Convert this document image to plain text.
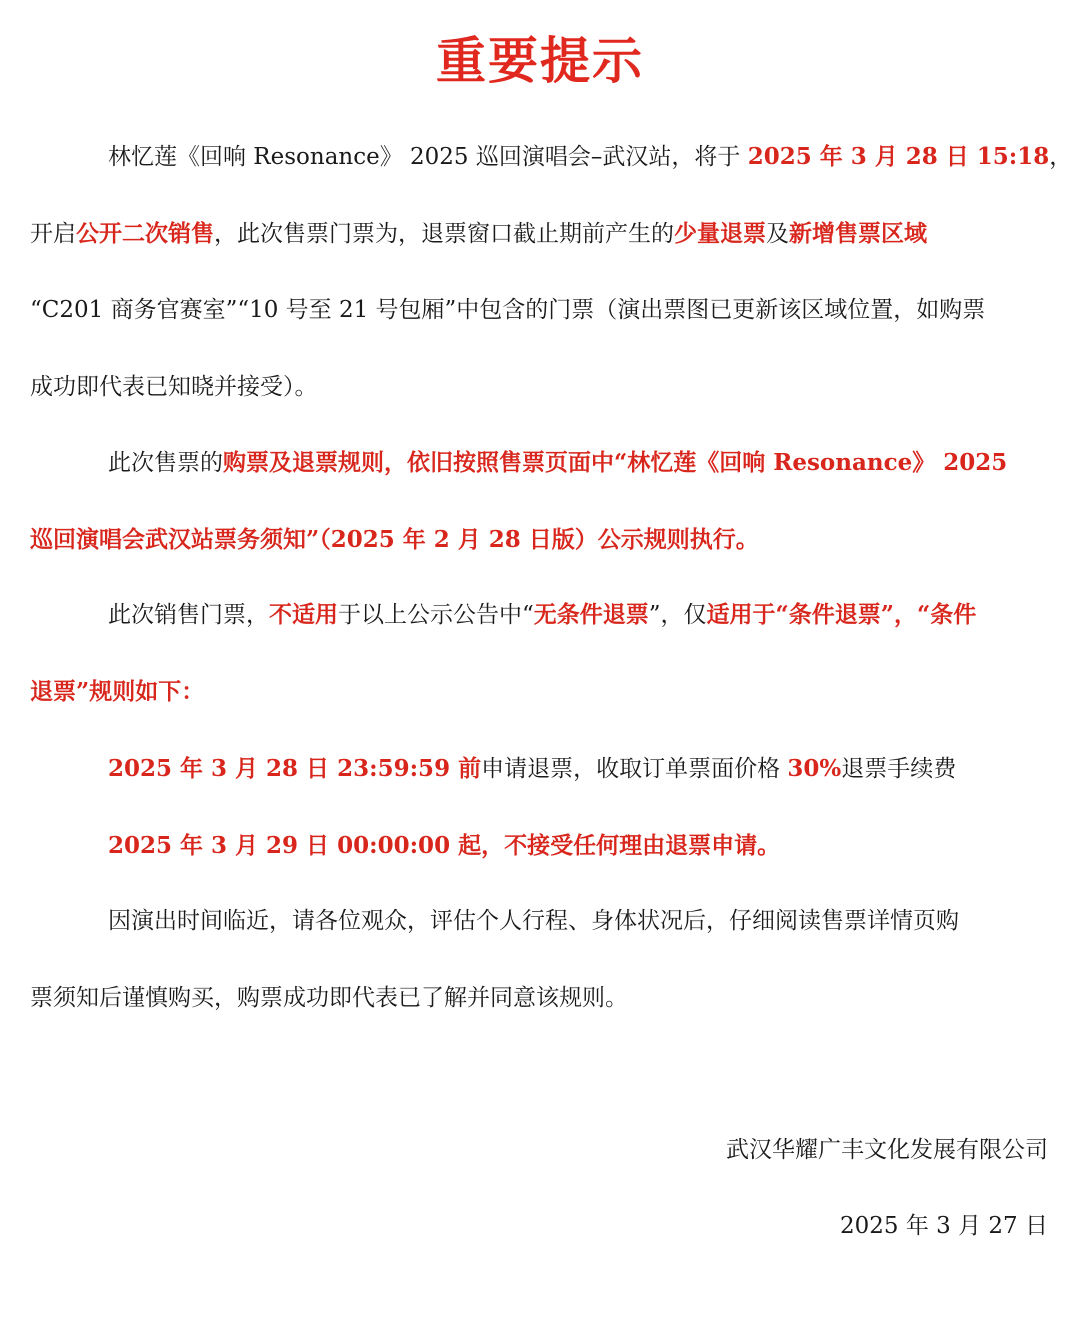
重要提示
林忆莲《回响 Resonance》 2025 巡回演唱会–武汉站，将于 2025 年 3 月 28 日 15:18，
开启公开二次销售，此次售票门票为，退票窗口截止期前产生的少量退票及新增售票区域
“C201 商务官赛室”“10 号至 21 号包厢”中包含的门票（演出票图已更新该区域位置，如购票
成功即代表已知晓并接受）。
此次售票的购票及退票规则，依旧按照售票页面中“林忆莲《回响 Resonance》 2025
巡回演唱会武汉站票务须知”（2025 年 2 月 28 日版）公示规则执行。
此次销售门票，不适用于以上公示公告中“无条件退票”，仅适用于“条件退票”，“条件
退票”规则如下：
2025 年 3 月 28 日 23:59:59 前申请退票，收取订单票面价格 30%退票手续费
2025 年 3 月 29 日 00:00:00 起，不接受任何理由退票申请。
因演出时间临近，请各位观众，评估个人行程、身体状况后，仔细阅读售票详情页购
票须知后谨慎购买，购票成功即代表已了解并同意该规则。
武汉华耀广丰文化发展有限公司
2025 年 3 月 27 日
